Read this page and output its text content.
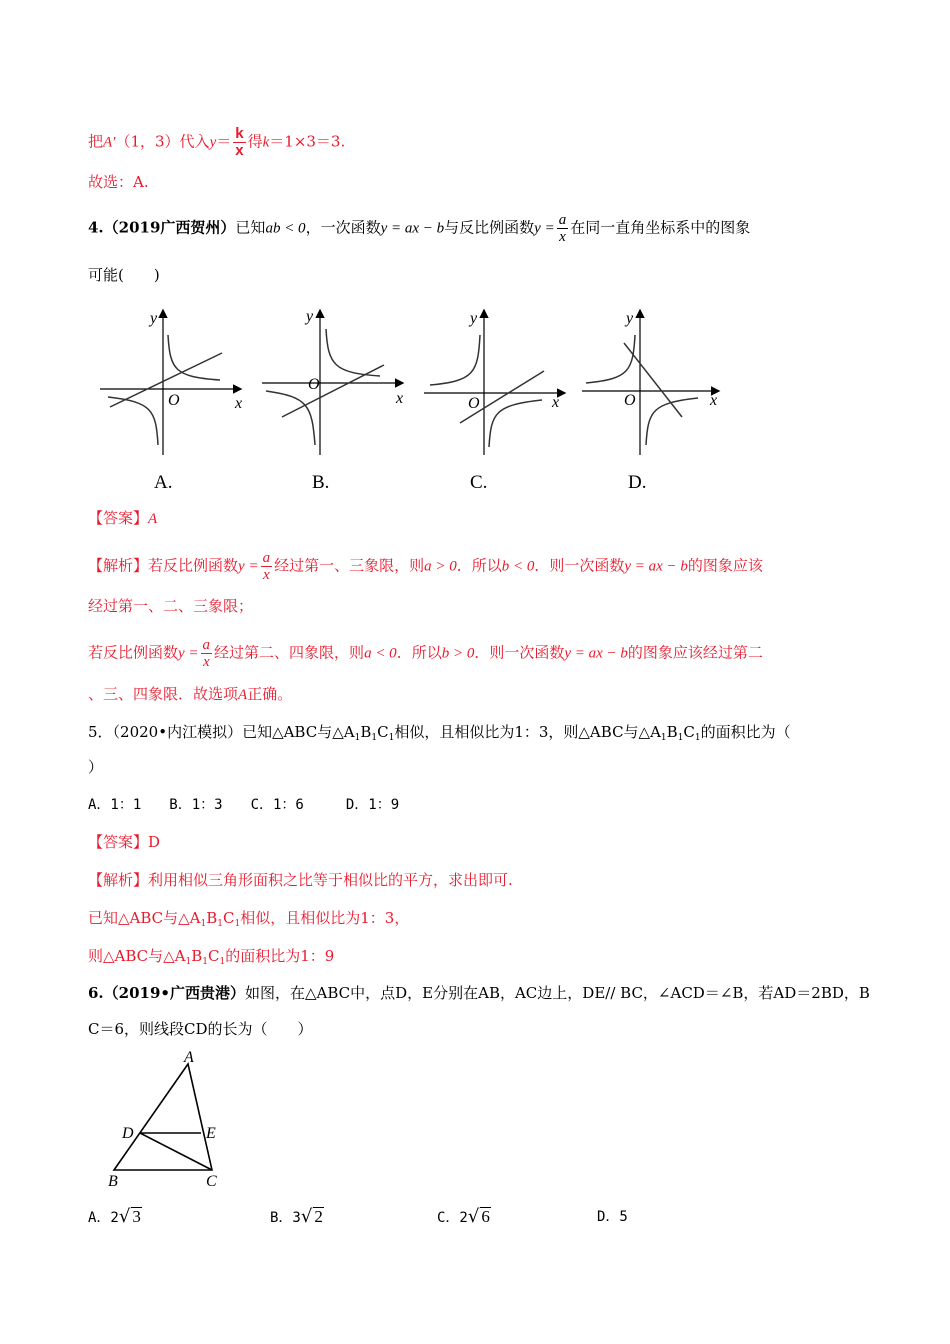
把A′（1，3）代入$y= \frac{k}{x}$ 得k＝1×3＝3.
故选：A.
4.（2019广西贺州）已知ab < 0，一次函数y = ax − b与反比例函数$y = \frac{a}{x}$ 在同一直角坐标系中的图象
可能(　　)
y
x
O
y
x
O
y
x
O
y
x
O
A.	B.	C.	D.
【答案】A
【解析】若反比例函数$y = \frac{a}{x}$ 经过第一、三象限，则a > 0．所以b < 0．则一次函数y = ax − b的图象应该
经过第一、二、三象限；
若反比例函数$y = \frac{a}{x}$ 经过第二、四象限，则a < 0．所以b > 0．则一次函数y = ax − b的图象应该经过第二
、三、四象限．故选项A正确。
5．（2020•内江模拟）已知△ABC与$\triangle A_1B_1C_1$相似，且相似比为1：3，则△ABC与$\triangle A_1B_1C_1$的面积比为（
）
A．1：1　　B．1：3　　C．1：6　　　D．1：9
【答案】D
【解析】利用相似三角形面积之比等于相似比的平方，求出即可.
已知△ABC与$\triangle A_1B_1C_1$相似，且相似比为1：3，
则△ABC与$\triangle A_1B_1C_1$的面积比为1：9
6.（2019•广西贵港）如图，在△ABC中，点D，E分别在AB，AC边上，DE// BC，∠ACD＝∠B，若AD＝2BD，B
C＝6，则线段CD的长为（　　）
A
D	E
B	C
A．2√ 3	B．3√ 2	C．2√ 6	D．5
